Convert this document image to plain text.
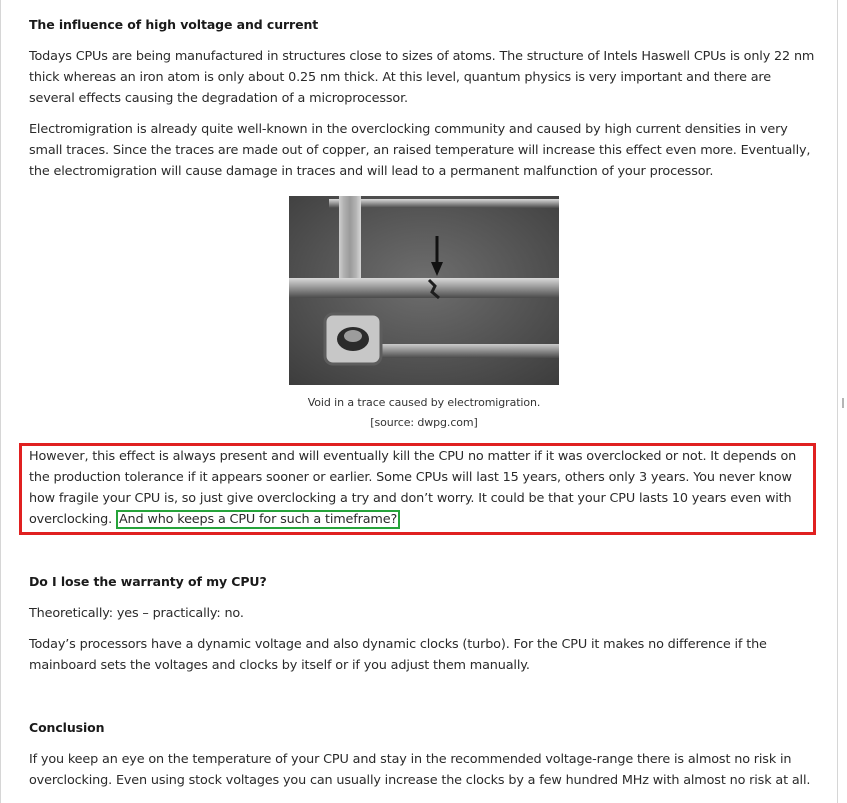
The influence of high voltage and current

Todays CPUs are being manufactured in structures close to sizes of atoms. The structure of Intels Haswell CPUs is only 22 nm thick whereas an iron atom is only about 0.25 nm thick. At this level, quantum physics is very important and there are several effects causing the degradation of a microprocessor.

Electromigration is already quite well-known in the overclocking community and caused by high current densities in very small traces. Since the traces are made out of copper, an raised temperature will increase this effect even more. Eventually, the electromigration will cause damage in traces and will lead to a permanent malfunction of your processor.

Void in a trace caused by electromigration.
[source: dwpg.com]

However, this effect is always present and will eventually kill the CPU no matter if it was overclocked or not. It depends on the production tolerance if it appears sooner or earlier. Some CPUs will last 15 years, others only 3 years. You never know how fragile your CPU is, so just give overclocking a try and don’t worry. It could be that your CPU lasts 10 years even with overclocking. And who keeps a CPU for such a timeframe?

Do I lose the warranty of my CPU?

Theoretically: yes – practically: no.

Today’s processors have a dynamic voltage and also dynamic clocks (turbo). For the CPU it makes no difference if the mainboard sets the voltages and clocks by itself or if you adjust them manually.

Conclusion

If you keep an eye on the temperature of your CPU and stay in the recommended voltage-range there is almost no risk in overclocking. Even using stock voltages you can usually increase the clocks by a few hundred MHz with almost no risk at all.
